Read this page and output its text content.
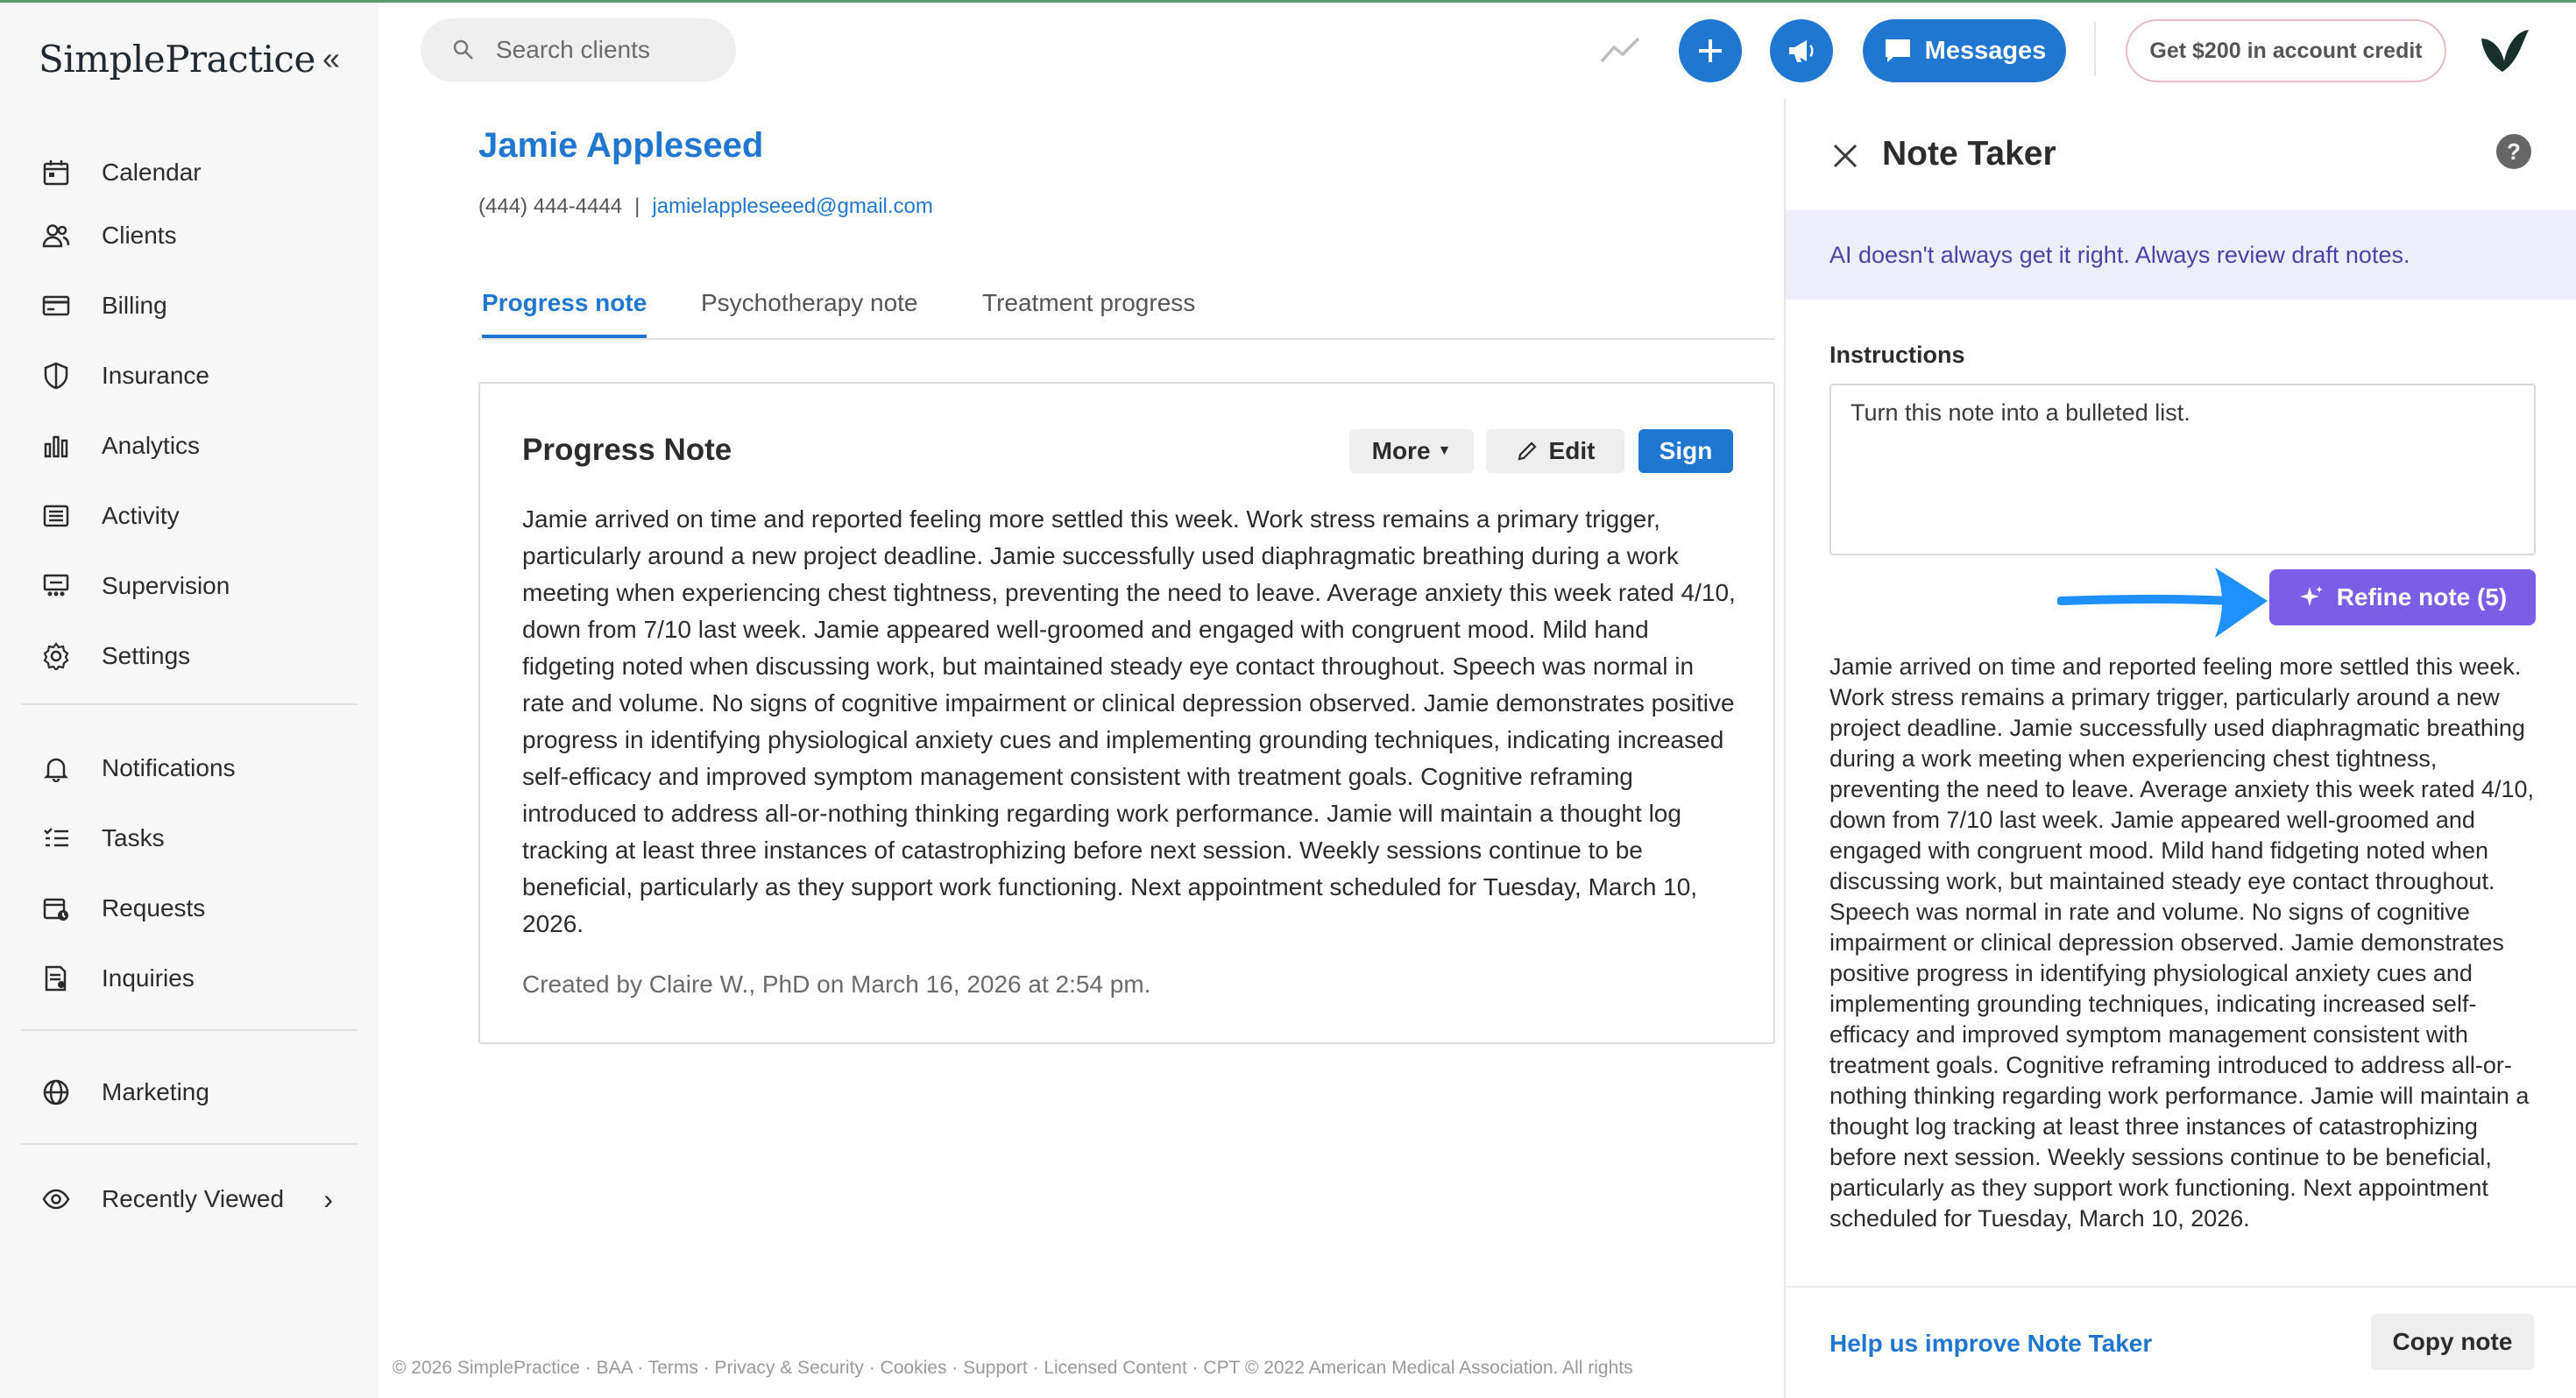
SimplePractice «
Calendar
Clients
Billing
Insurance
Analytics
Activity
Supervision
Settings
Notifications
Tasks
Requests
Inquiries
Marketing
Recently Viewed ›
Search clients
Messages	Get $200 in account credit
Jamie Appleseed
(444) 444-4444 | jamielappleseeed@gmail.com
Progress note Psychotherapy note	Treatment progress
Progress Note	More ▼	Edit	Sign
Jamie arrived on time and reported feeling more settled this week. Work stress remains a primary trigger, particularly around a new project deadline. Jamie successfully used diaphragmatic breathing during a work meeting when experiencing chest tightness, preventing the need to leave. Average anxiety this week rated 4/10, down from 7/10 last week. Jamie appeared well-groomed and engaged with congruent mood. Mild hand fidgeting noted when discussing work, but maintained steady eye contact throughout. Speech was normal in rate and volume. No signs of cognitive impairment or clinical depression observed. Jamie demonstrates positive progress in identifying physiological anxiety cues and implementing grounding techniques, indicating increased self-efficacy and improved symptom management consistent with treatment goals. Cognitive reframing introduced to address all-or-nothing thinking regarding work performance. Jamie will maintain a thought log tracking at least three instances of catastrophizing before next session. Weekly sessions continue to be beneficial, particularly as they support work functioning. Next appointment scheduled for Tuesday, March 10, 2026.
Created by Claire W., PhD on March 16, 2026 at 2:54 pm.
© 2026 SimplePractice · BAA · Terms · Privacy & Security · Cookies · Support · Licensed Content · CPT © 2022 American Medical Association. All rights
Note Taker	?
AI doesn't always get it right. Always review draft notes.
Instructions
Turn this note into a bulleted list.
Refine note (5)
Jamie arrived on time and reported feeling more settled this week. Work stress remains a primary trigger, particularly around a new project deadline. Jamie successfully used diaphragmatic breathing during a work meeting when experiencing chest tightness, preventing the need to leave. Average anxiety this week rated 4/10, down from 7/10 last week. Jamie appeared well-groomed and engaged with congruent mood. Mild hand fidgeting noted when discussing work, but maintained steady eye contact throughout. Speech was normal in rate and volume. No signs of cognitive impairment or clinical depression observed. Jamie demonstrates positive progress in identifying physiological anxiety cues and implementing grounding techniques, indicating increased self-efficacy and improved symptom management consistent with treatment goals. Cognitive reframing introduced to address all-or-nothing thinking regarding work performance. Jamie will maintain a thought log tracking at least three instances of catastrophizing before next session. Weekly sessions continue to be beneficial, particularly as they support work functioning. Next appointment scheduled for Tuesday, March 10, 2026.
Help us improve Note Taker	Copy note
